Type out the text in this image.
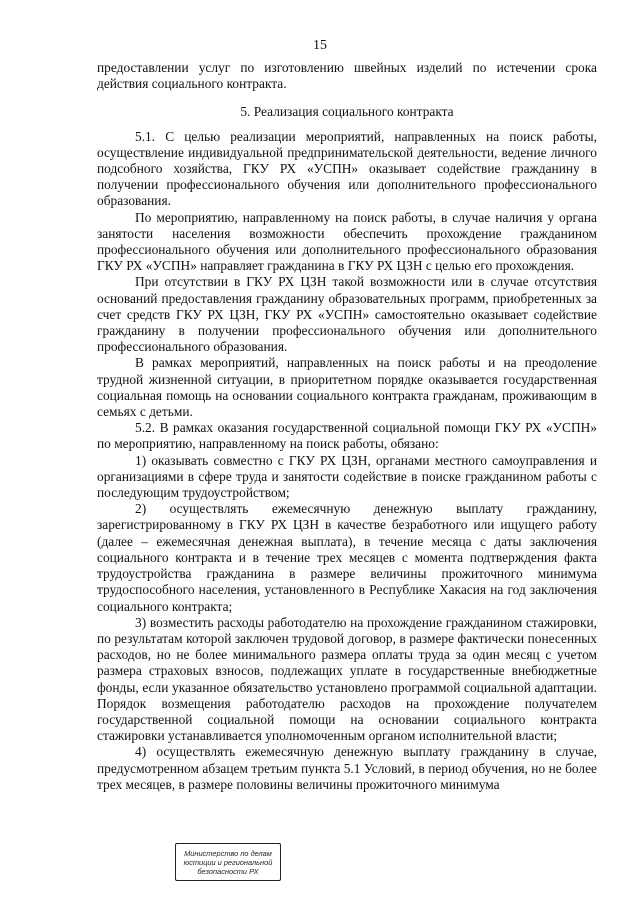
15

предоставлении услуг по изготовлению швейных изделий по истечении срока действия социального контракта.

5. Реализация социального контракта

5.1. С целью реализации мероприятий, направленных на поиск работы, осуществление индивидуальной предпринимательской деятельности, ведение личного подсобного хозяйства, ГКУ РХ «УСПН» оказывает содействие гражданину в получении профессионального обучения или дополнительного профессионального образования.

По мероприятию, направленному на поиск работы, в случае наличия у органа занятости населения возможности обеспечить прохождение гражданином профессионального обучения или дополнительного профессионального образования ГКУ РХ «УСПН» направляет гражданина в ГКУ РХ ЦЗН с целью его прохождения.

При отсутствии в ГКУ РХ ЦЗН такой возможности или в случае отсутствия оснований предоставления гражданину образовательных программ, приобретенных за счет средств ГКУ РХ ЦЗН, ГКУ РХ «УСПН» самостоятельно оказывает содействие гражданину в получении профессионального обучения или дополнительного профессионального образования.

В рамках мероприятий, направленных на поиск работы и на преодоление трудной жизненной ситуации, в приоритетном порядке оказывается государственная социальная помощь на основании социального контракта гражданам, проживающим в семьях с детьми.

5.2. В рамках оказания государственной социальной помощи ГКУ РХ «УСПН» по мероприятию, направленному на поиск работы, обязано:

1) оказывать совместно с ГКУ РХ ЦЗН, органами местного самоуправления и организациями в сфере труда и занятости содействие в поиске гражданином работы с последующим трудоустройством;

2) осуществлять ежемесячную денежную выплату гражданину, зарегистрированному в ГКУ РХ ЦЗН в качестве безработного или ищущего работу (далее – ежемесячная денежная выплата), в течение месяца с даты заключения социального контракта и в течение трех месяцев с момента подтверждения факта трудоустройства гражданина в размере величины прожиточного минимума трудоспособного населения, установленного в Республике Хакасия на год заключения социального контракта;

3) возместить расходы работодателю на прохождение гражданином стажировки, по результатам которой заключен трудовой договор, в размере фактически понесенных расходов, но не более минимального размера оплаты труда за один месяц с учетом размера страховых взносов, подлежащих уплате в государственные внебюджетные фонды, если указанное обязательство установлено программой социальной адаптации. Порядок возмещения работодателю расходов на прохождение получателем государственной социальной помощи на основании социального контракта стажировки устанавливается уполномоченным органом исполнительной власти;

4) осуществлять ежемесячную денежную выплату гражданину в случае, предусмотренном абзацем третьим пункта 5.1 Условий, в период обучения, но не более трех месяцев, в размере половины величины прожиточного минимума

Министерство по делам
юстиции и региональной
безопасности РХ
